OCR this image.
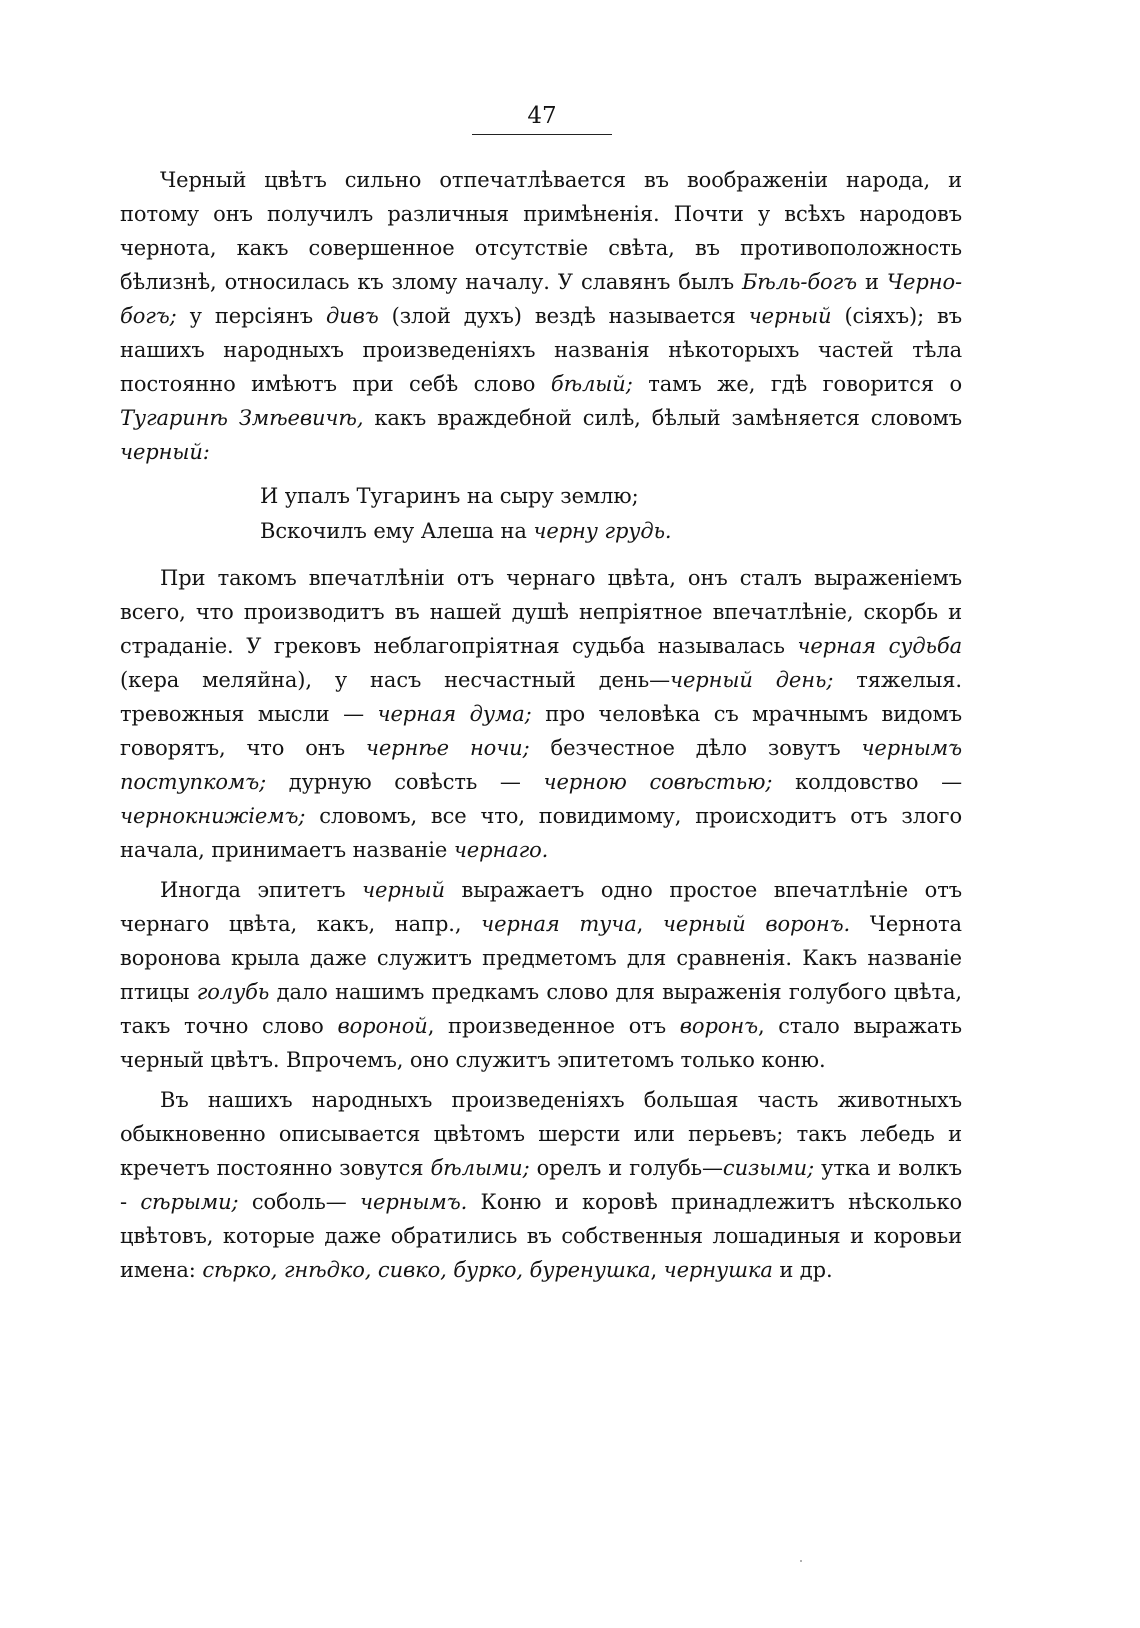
47

Черный цвѣтъ сильно отпечатлѣвается въ воображеніи народа, и потому онъ получилъ различныя примѣненія. Почти у всѣхъ народовъ чернота, какъ совершенное отсутствіе свѣта, въ противоположность бѣлизнѣ, относилась къ злому началу. У славянъ былъ Бѣль-богъ и Черно-богъ; у персіянъ дивъ (злой духъ) вездѣ называется черный (сіяхъ); въ нашихъ народныхъ произведеніяхъ названія нѣкоторыхъ частей тѣла постоянно имѣютъ при себѣ слово бѣлый; тамъ же, гдѣ говорится о Тугаринѣ Змѣевичѣ, какъ враждебной силѣ, бѣлый замѣняется словомъ черный:

И упалъ Тугаринъ на сыру землю;
Вскочилъ ему Алеша на черну грудь.

При такомъ впечатлѣніи отъ чернаго цвѣта, онъ сталъ выраженіемъ всего, что производитъ въ нашей душѣ непріятное впечатлѣніе, скорбь и страданіе. У грековъ неблагопріятная судьба называлась черная судьба (кера меляйна), у насъ несчастный день—черный день; тяжелыя. тревожныя мысли — черная дума; про человѣка съ мрачнымъ видомъ говорятъ, что онъ чернѣе ночи; безчестное дѣло зовутъ чернымъ поступкомъ; дурную совѣсть — черною совѣстью; колдовство — чернокнижіемъ; словомъ, все что, повидимому, происходитъ отъ злого начала, принимаетъ названіе чернаго.

Иногда эпитетъ черный выражаетъ одно простое впечатлѣніе отъ чернаго цвѣта, какъ, напр., черная туча, черный воронъ. Чернота воронова крыла даже служитъ предметомъ для сравненія. Какъ названіе птицы голубь дало нашимъ предкамъ слово для выраженія голубого цвѣта, такъ точно слово вороной, произведенное отъ воронъ, стало выражать черный цвѣтъ. Впрочемъ, оно служитъ эпитетомъ только коню.

Въ нашихъ народныхъ произведеніяхъ большая часть животныхъ обыкновенно описывается цвѣтомъ шерсти или перьевъ; такъ лебедь и кречетъ постоянно зовутся бѣлыми; орелъ и голубь—сизыми; утка и волкъ - сѣрыми; соболь— чернымъ. Коню и коровѣ принадлежитъ нѣсколько цвѣтовъ, которые даже обратились въ собственныя лошадиныя и коровьи имена: сѣрко, гнѣдко, сивко, бурко, буренушка, чернушка и др.
